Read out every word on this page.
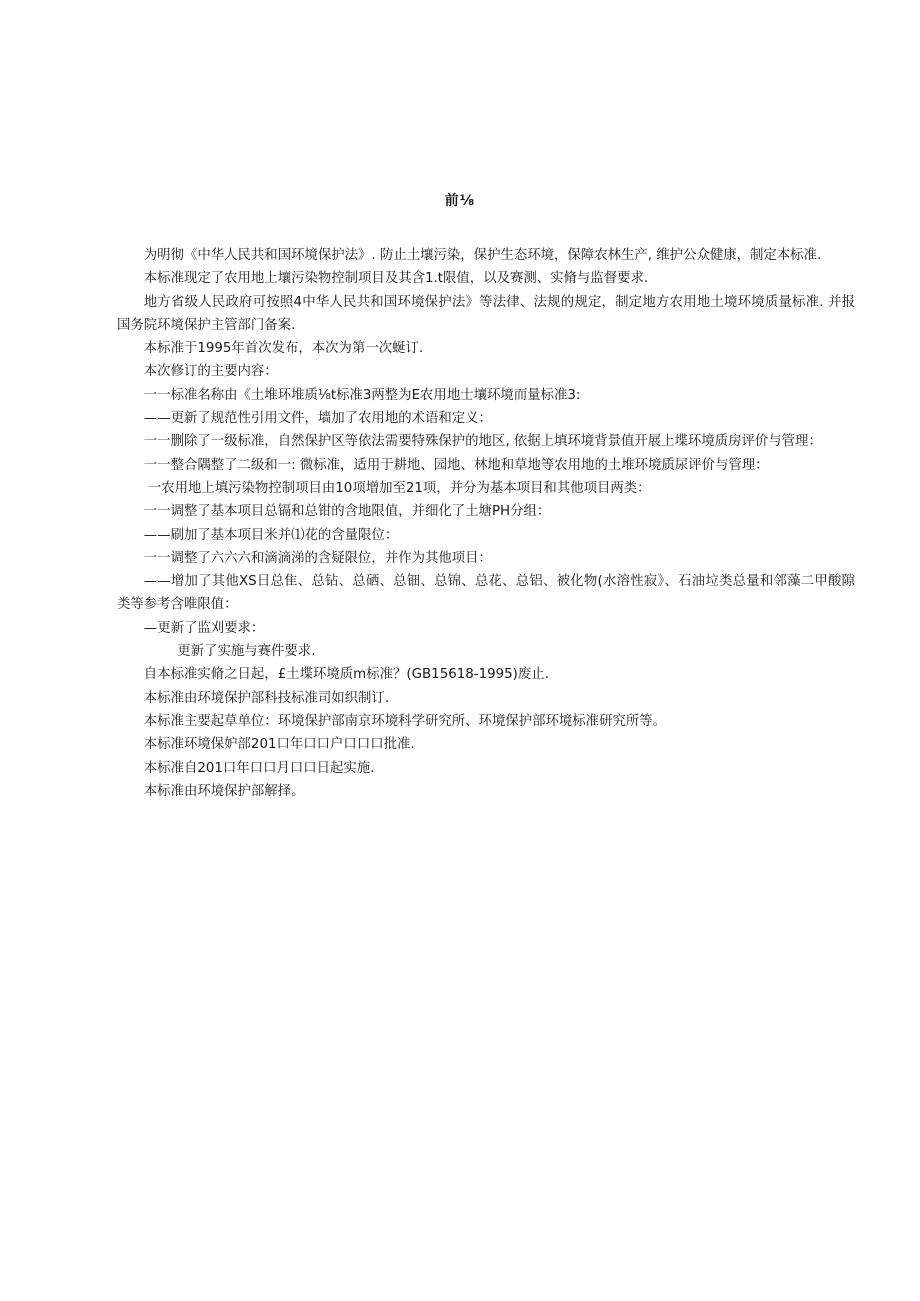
前⅛

为明彻《中华人民共和国环境保护法》. 防止土壤污染，保护生态环境，保障农林生产, 维护公众健康，制定本标准.

本标准现定了农用地上壤污染物控制项目及其含1.t限值，以及赛测、实脩与监督要求.

地方省级人民政府可按照4中华人民共和国环境保护法》等法律、法规的规定，制定地方农用地土境环境质量标准. 并报国务院环境保护主管部门备案.

本标准于1995年首次发布，本次为第一次蜒订.

本次修订的主要内容：

一一标准名称由《土堆环堆质⅛t标准3两整为E农用地士壤环境而量标准3:

——更新了规范性引用文件，墙加了农用地的术语和定义：

一一删除了一级标准，自然保护区等依法需要特殊保护的地区, 依据上填环境背景值开展上堞环境质房评价与管理：

一一整合隅整了二级和一: 微标准，适用于耕地、园地、林地和草地等农用地的土堆环境质尿评价与管理：

一农用地上填污染物控制项目由10项增加至21项，并分为基本项目和其他项目两类：

一一调整了基本项目总镉和总钳的含地限值，并细化了土塘PH分组：

——刷加了基本项目米并⑴花的含量限位：

一一调整了六六六和滴滴涕的含疑限位，并作为其他项目：

——增加了其他XS日总隹、总钻、总硒、总钿、总锦、总花、总铝、被化物(水溶性寂》、石油垃类总量和邻藻二甲酸隙类等参考含唯限值：

—更新了监刈要求：

更新了实施与赛件要求.

自本标准实脩之日起，£土堞环境质m标准？(GB15618-1995)废止.

本标准由环境保护部科技标准司如织制订.

本标准主要起草单位：环境保护部南京环境科学研究所、环境保护部环境标准研究所等。

本标准环境保妒部201口年口口户口口口批准.

本标准自201口年口口月口口日起实施.

本标准由环境保护部解择。
